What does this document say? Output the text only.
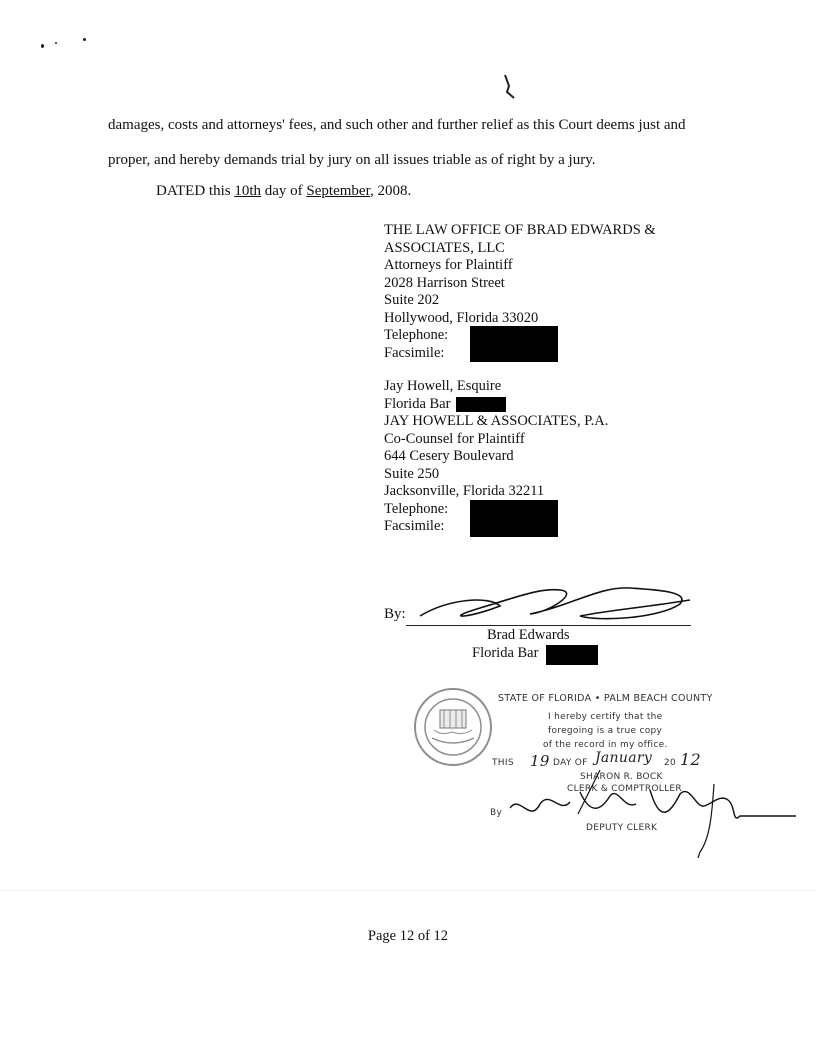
damages, costs and attorneys' fees, and such other and further relief as this Court deems just and
proper, and hereby demands trial by jury on all issues triable as of right by a jury.
DATED this 10th day of September, 2008.
THE LAW OFFICE OF BRAD EDWARDS &
ASSOCIATES, LLC
Attorneys for Plaintiff
2028 Harrison Street
Suite 202
Hollywood, Florida 33020
Telephone:
Facsimile:
Jay Howell, Esquire
Florida Bar
JAY HOWELL & ASSOCIATES, P.A.
Co-Counsel for Plaintiff
644 Cesery Boulevard
Suite 250
Jacksonville, Florida 32211
Telephone:
Facsimile:
By:
Brad Edwards
Florida Bar
STATE OF FLORIDA • PALM BEACH COUNTY
I hereby certify that the
foregoing is a true copy
of the record in my office.
THIS 19 DAY OF January 20 12
SHARON R. BOCK
CLERK & COMPTROLLER
By
DEPUTY CLERK
Page 12 of 12
